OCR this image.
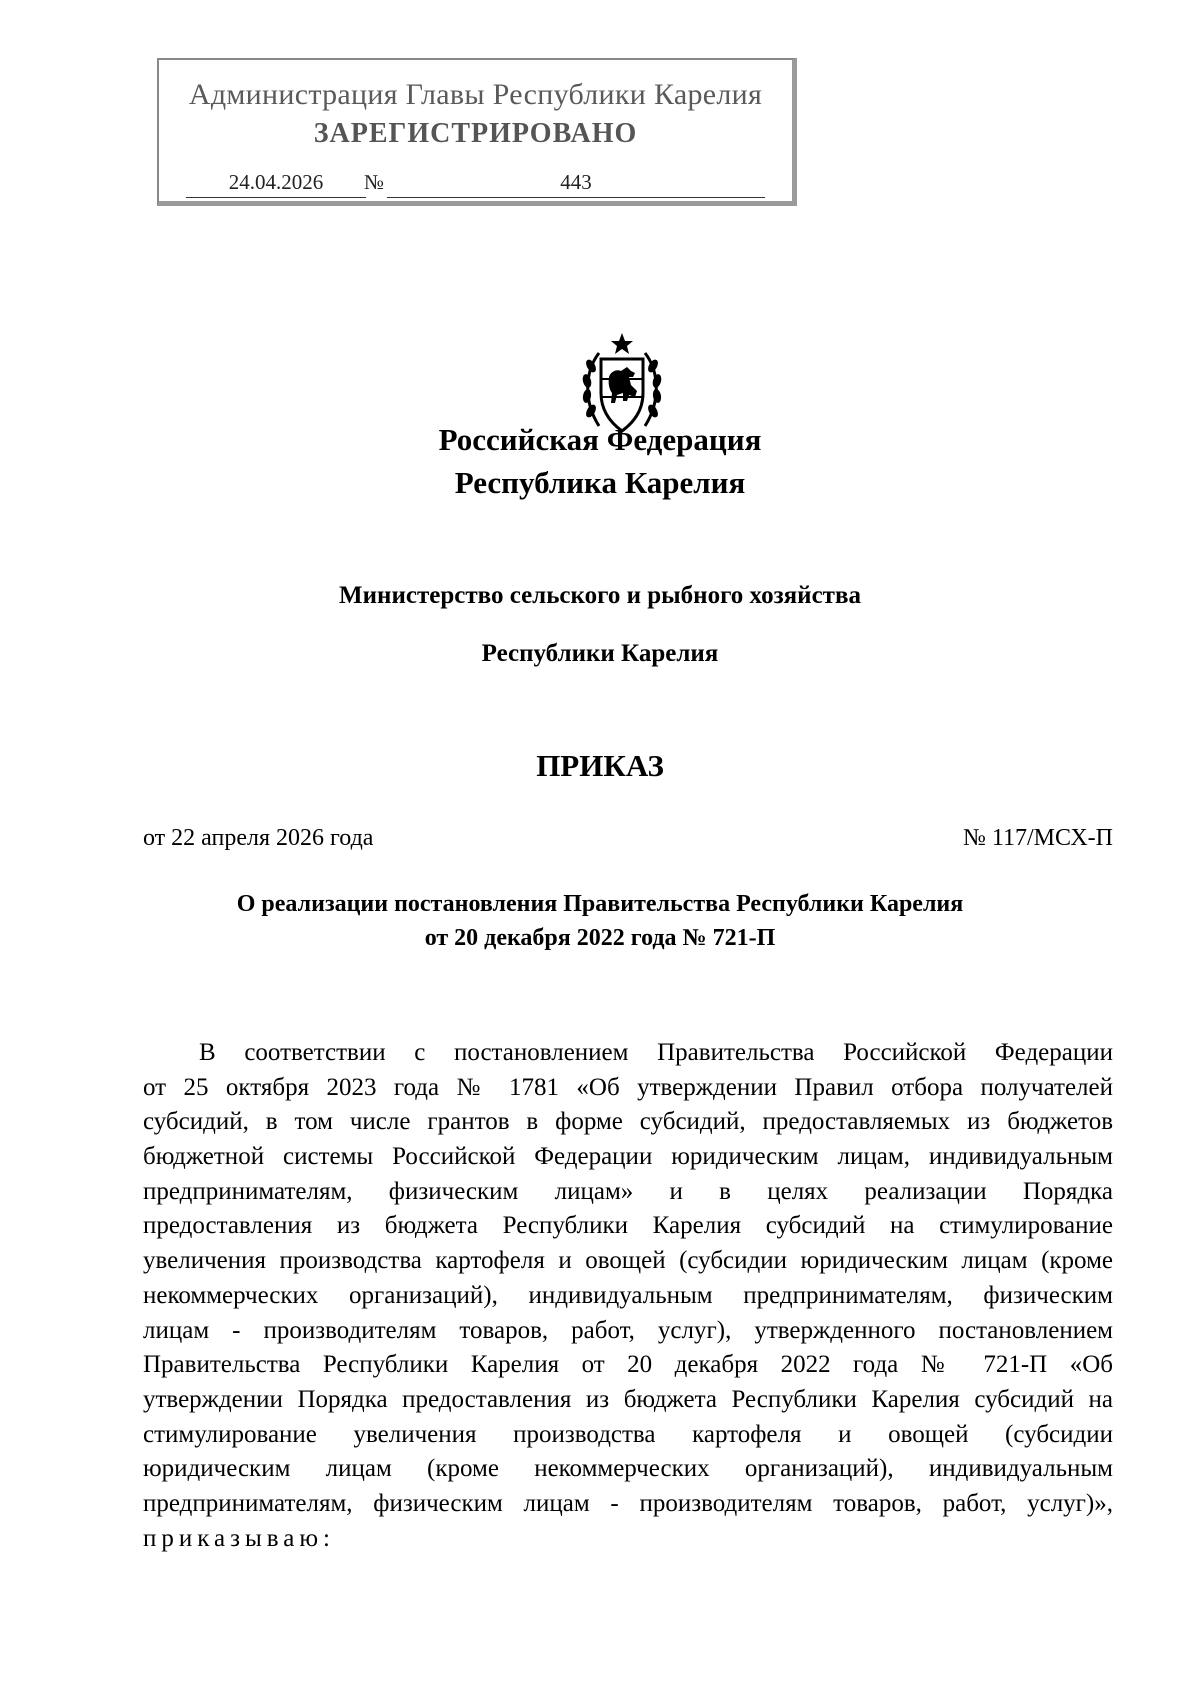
Администрация Главы Республики Карелия
ЗАРЕГИСТРИРОВАНО
24.04.2026	№	443
Российская Федерация
Республика Карелия
Министерство сельского и рыбного хозяйства
Республики Карелия
ПРИКАЗ
от 22 апреля 2026 года	№ 117/МСХ-П
О реализации постановления Правительства Республики Карелия
от 20 декабря 2022 года № 721-П
В соответствии с постановлением Правительства Российской Федерации
от 25 октября 2023 года № 1781 «Об утверждении Правил отбора получателей
субсидий, в том числе грантов в форме субсидий, предоставляемых из бюджетов
бюджетной системы Российской Федерации юридическим лицам, индивидуальным
предпринимателям, физическим лицам» и в целях реализации Порядка
предоставления из бюджета Республики Карелия субсидий на стимулирование
увеличения производства картофеля и овощей (субсидии юридическим лицам (кроме
некоммерческих организаций), индивидуальным предпринимателям, физическим
лицам - производителям товаров, работ, услуг), утвержденного постановлением
Правительства Республики Карелия от 20 декабря 2022 года № 721-П «Об
утверждении Порядка предоставления из бюджета Республики Карелия субсидий на
стимулирование увеличения производства картофеля и овощей (субсидии
юридическим лицам (кроме некоммерческих организаций), индивидуальным
предпринимателям, физическим лицам - производителям товаров, работ, услуг)»,
приказываю:
